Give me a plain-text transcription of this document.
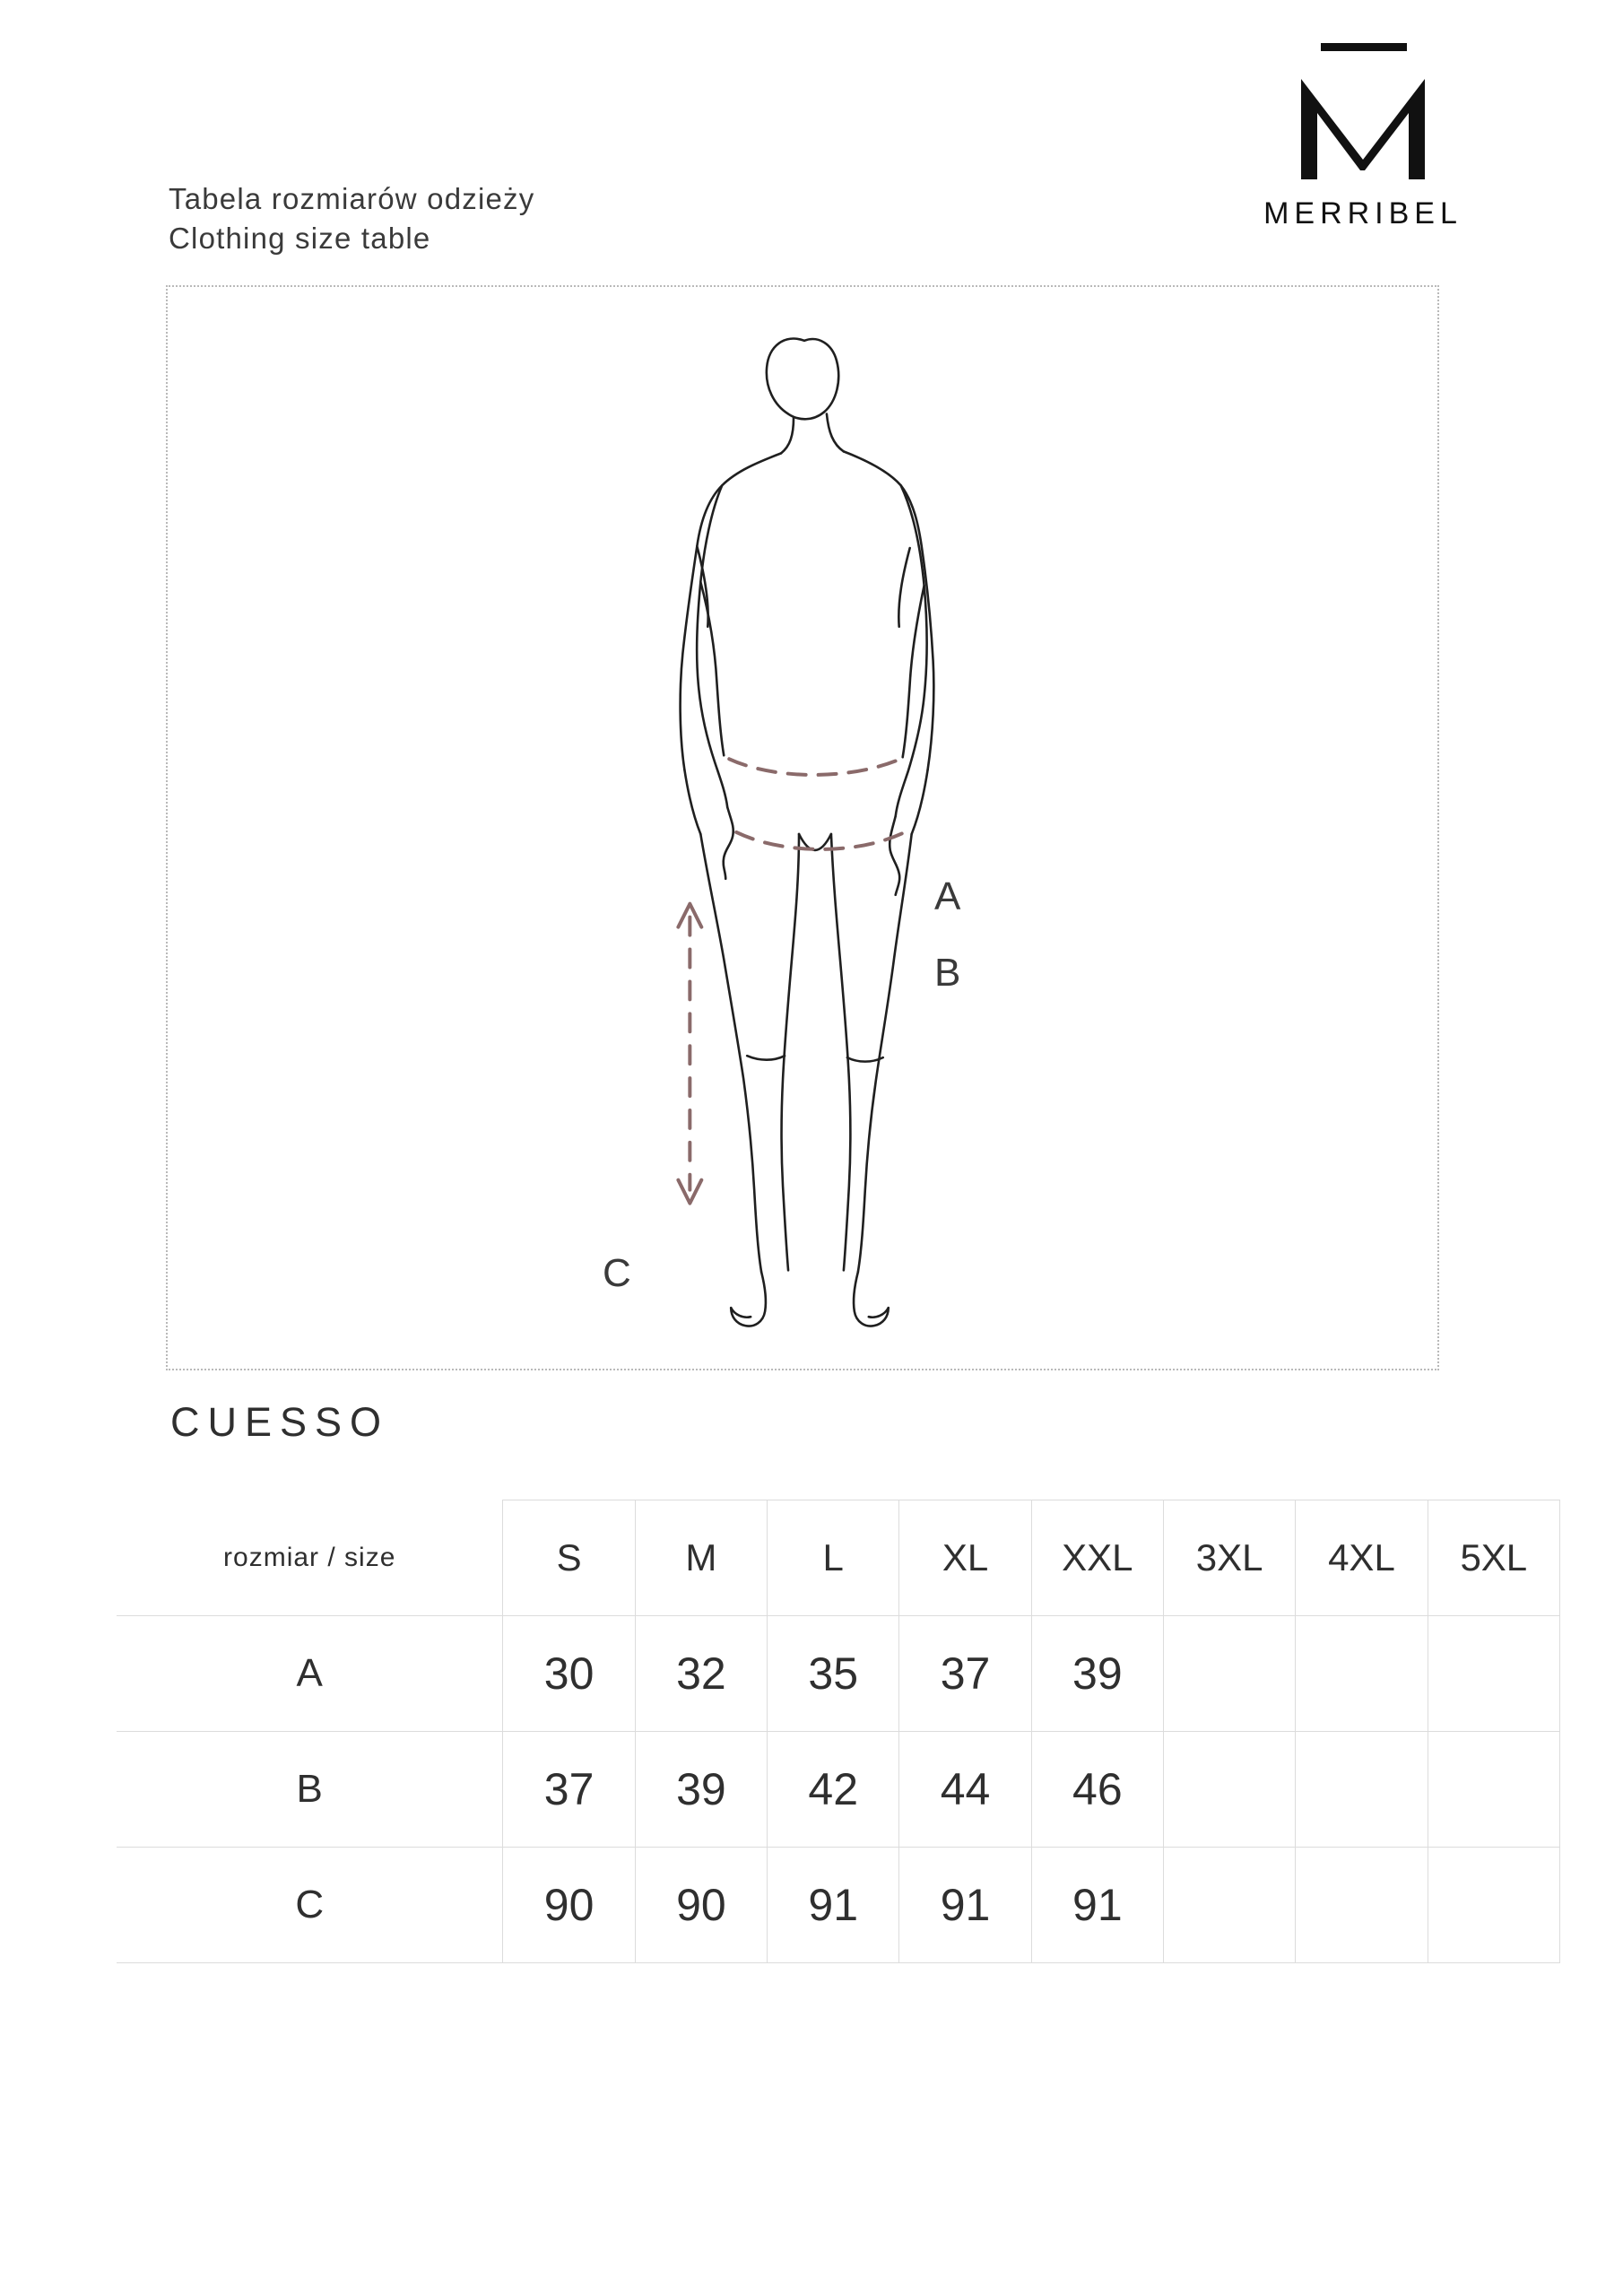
MERRIBEL
Tabela rozmiarów odzieży
Clothing size table
A
B
C
CUESSO
rozmiar / size	S	M	L	XL	XXL	3XL	4XL	5XL
A	30	32	35	37	39			
B	37	39	42	44	46			
C	90	90	91	91	91			
